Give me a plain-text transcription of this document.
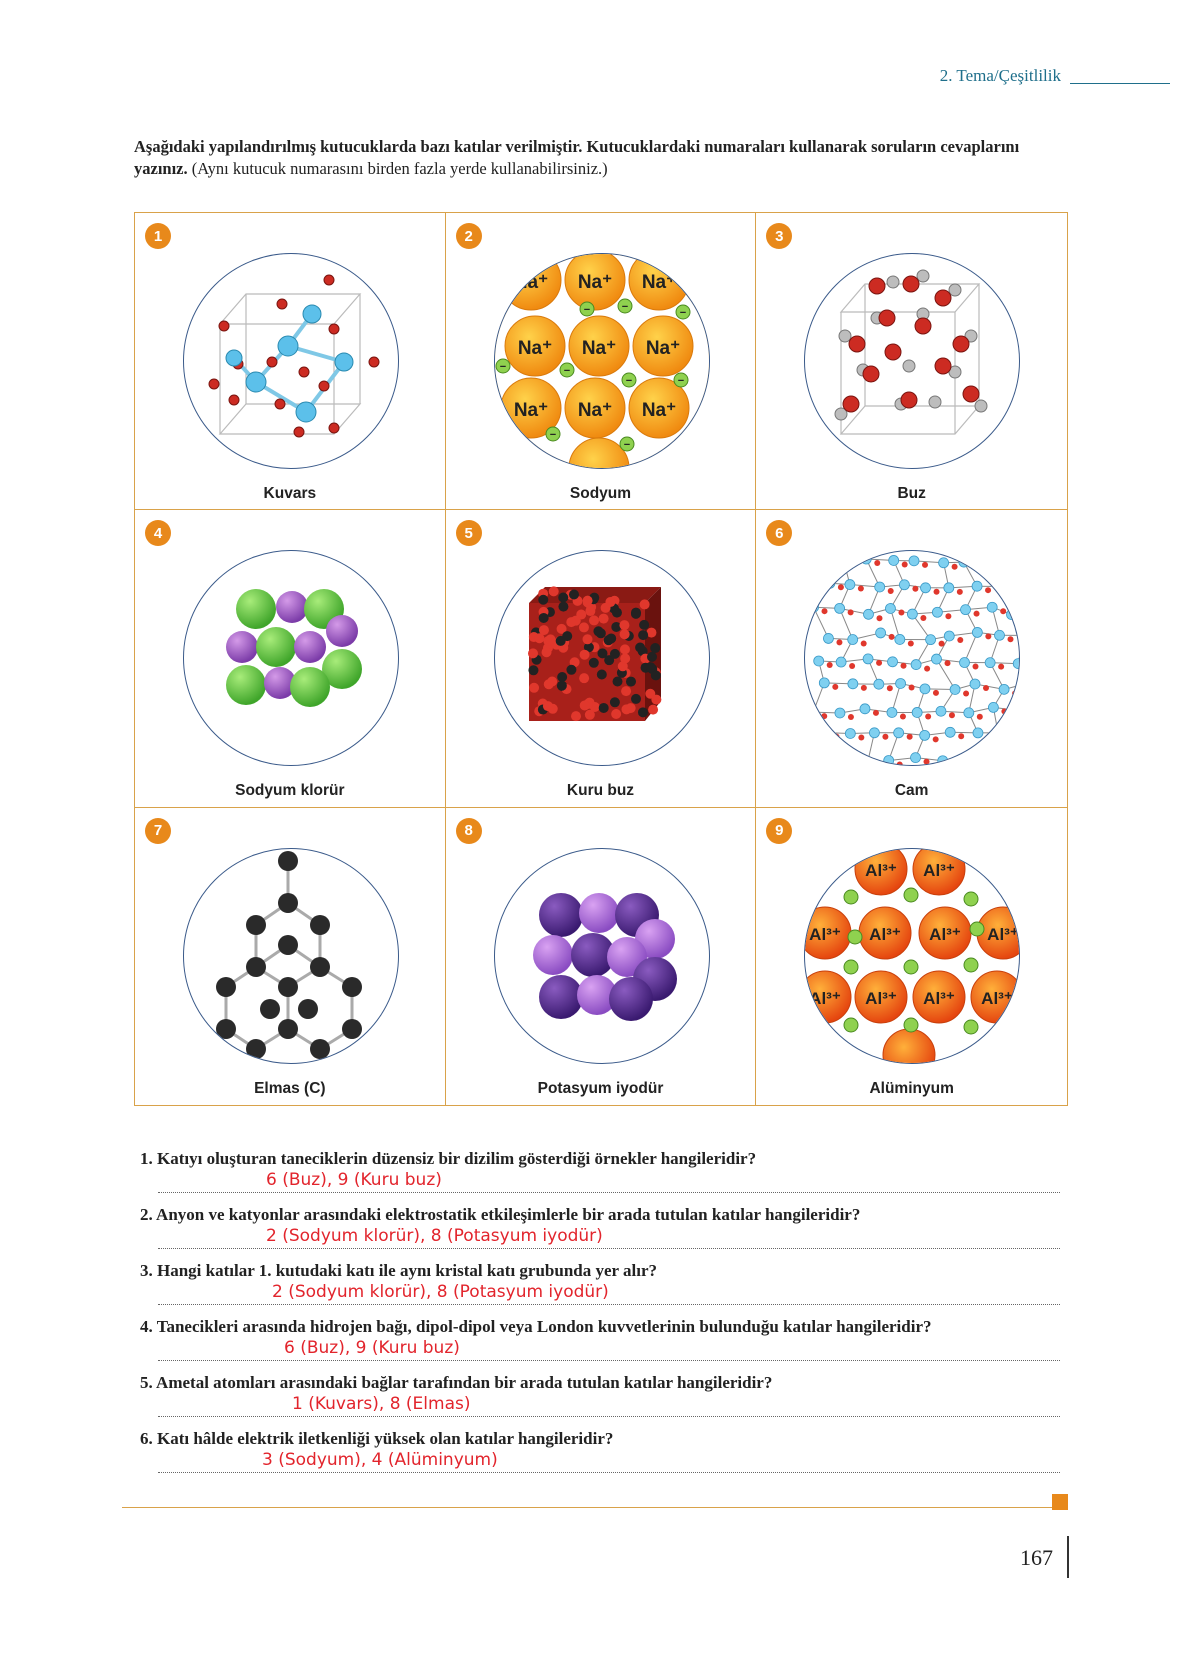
2. Tema/Çeşitlilik
Aşağıdaki yapılandırılmış kutucuklarda bazı katılar verilmiştir. Kutucuklardaki numaraları kullanarak soruların cevaplarını yazınız. (Aynı kutucuk numarasını birden fazla yerde kullanabilirsiniz.)
1
Kuvars
2
Na⁺ Na⁺ Na⁺
Na⁺ Na⁺ Na⁺
Na⁺ Na⁺ Na⁺
−	−	−
−	−
−	−
−
−
Sodyum
3
Buz
4
Sodyum klorür
5
Kuru buz
6
Cam
7
Elmas (C)
8
Potasyum iyodür
9
Al³⁺ Al³⁺
Al³⁺ Al³⁺ Al³⁺ Al³⁺
Al³⁺ Al³⁺ Al³⁺ Al³⁺
Alüminyum
1. Katıyı oluşturan taneciklerin düzensiz bir dizilim gösterdiği örnekler hangileridir?
6 (Buz), 9 (Kuru buz)
2. Anyon ve katyonlar arasındaki elektrostatik etkileşimlerle bir arada tutulan katılar hangileridir?
2 (Sodyum klorür), 8 (Potasyum iyodür)
3. Hangi katılar 1. kutudaki katı ile aynı kristal katı grubunda yer alır?
2 (Sodyum klorür), 8 (Potasyum iyodür)
4. Tanecikleri arasında hidrojen bağı, dipol-dipol veya London kuvvetlerinin bulunduğu katılar hangileridir?
6 (Buz), 9 (Kuru buz)
5. Ametal atomları arasındaki bağlar tarafından bir arada tutulan katılar hangileridir?
1 (Kuvars), 8 (Elmas)
6. Katı hâlde elektrik iletkenliği yüksek olan katılar hangileridir?
3 (Sodyum), 4 (Alüminyum)
167
